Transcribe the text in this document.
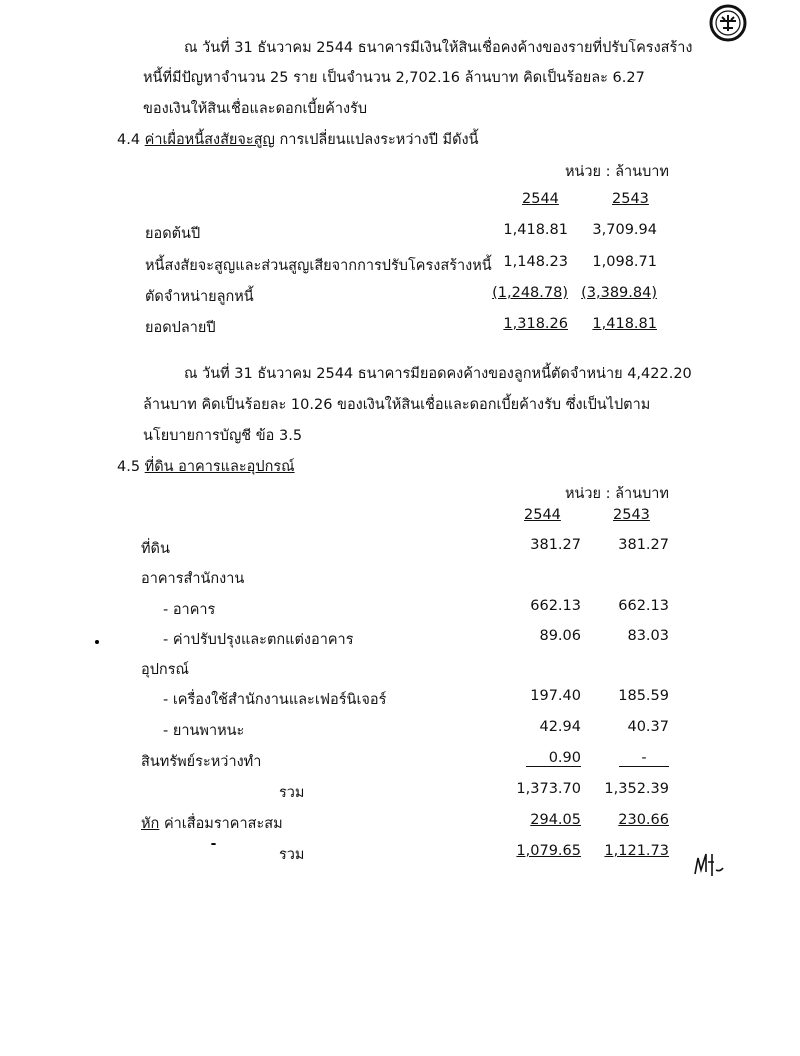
ณ วันที่ 31 ธันวาคม 2544 ธนาคารมีเงินให้สินเชื่อคงค้างของรายที่ปรับโครงสร้าง
หนี้ที่มีปัญหาจำนวน 25 ราย เป็นจำนวน 2,702.16 ล้านบาท คิดเป็นร้อยละ 6.27
ของเงินให้สินเชื่อและดอกเบี้ยค้างรับ
4.4 ค่าเผื่อหนี้สงสัยจะสูญ การเปลี่ยนแปลงระหว่างปี มีดังนี้
หน่วย : ล้านบาท
2544	2543
ยอดต้นปี	1,418.81 3,709.94
หนี้สงสัยจะสูญและส่วนสูญเสียจากการปรับโครงสร้างหนี้ 1,148.23 1,098.71
ตัดจำหน่ายลูกหนี้	(1,248.78) (3,389.84)
ยอดปลายปี	1,318.26 1,418.81
ณ วันที่ 31 ธันวาคม 2544 ธนาคารมียอดคงค้างของลูกหนี้ตัดจำหน่าย 4,422.20
ล้านบาท คิดเป็นร้อยละ 10.26 ของเงินให้สินเชื่อและดอกเบี้ยค้างรับ ซึ่งเป็นไปตาม
นโยบายการบัญชี ข้อ 3.5
4.5 ที่ดิน อาคารและอุปกรณ์
หน่วย : ล้านบาท
2544	2543
ที่ดิน	381.27	381.27
อาคารสำนักงาน
- อาคาร	662.13	662.13
- ค่าปรับปรุงและตกแต่งอาคาร	89.06	83.03
อุปกรณ์
- เครื่องใช้สำนักงานและเฟอร์นิเจอร์	197.40	185.59
- ยานพาหนะ	42.94	40.37
สินทรัพย์ระหว่างทำ	0.90	-
รวม	1,373.70 1,352.39
หัก ค่าเสื่อมราคาสะสม	294.05	230.66
รวม	1,079.65 1,121.73
